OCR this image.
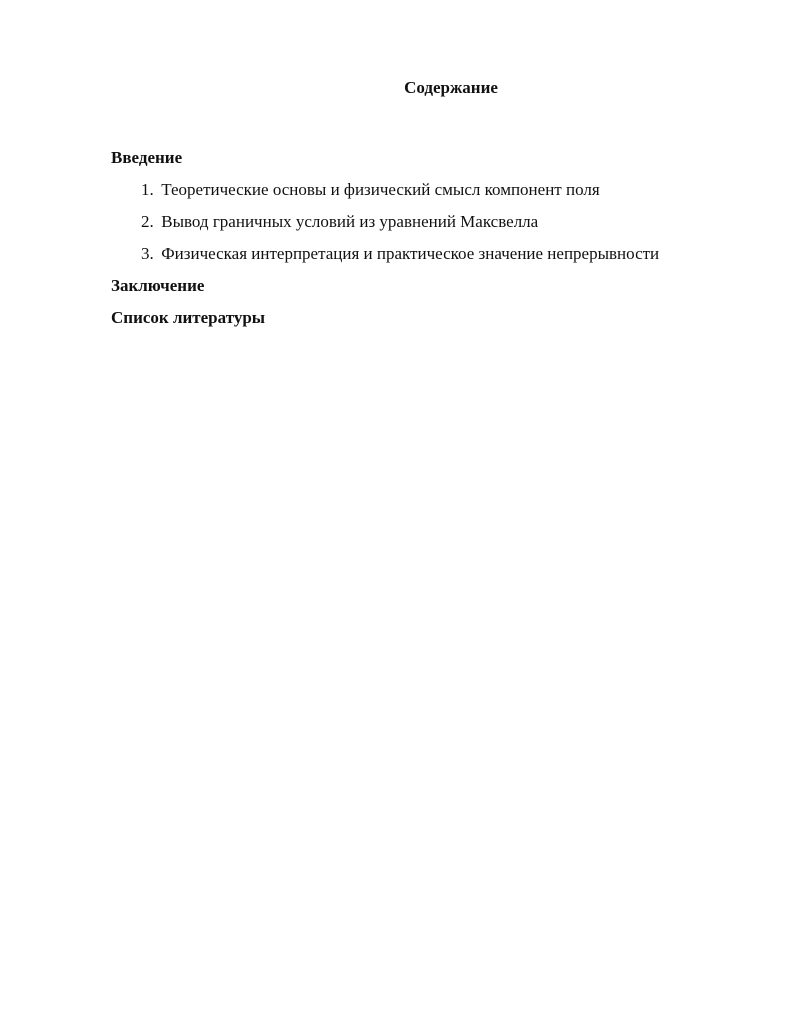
Содержание
Введение
1. Теоретические основы и физический смысл компонент поля
2. Вывод граничных условий из уравнений Максвелла
3. Физическая интерпретация и практическое значение непрерывности
Заключение
Список литературы
